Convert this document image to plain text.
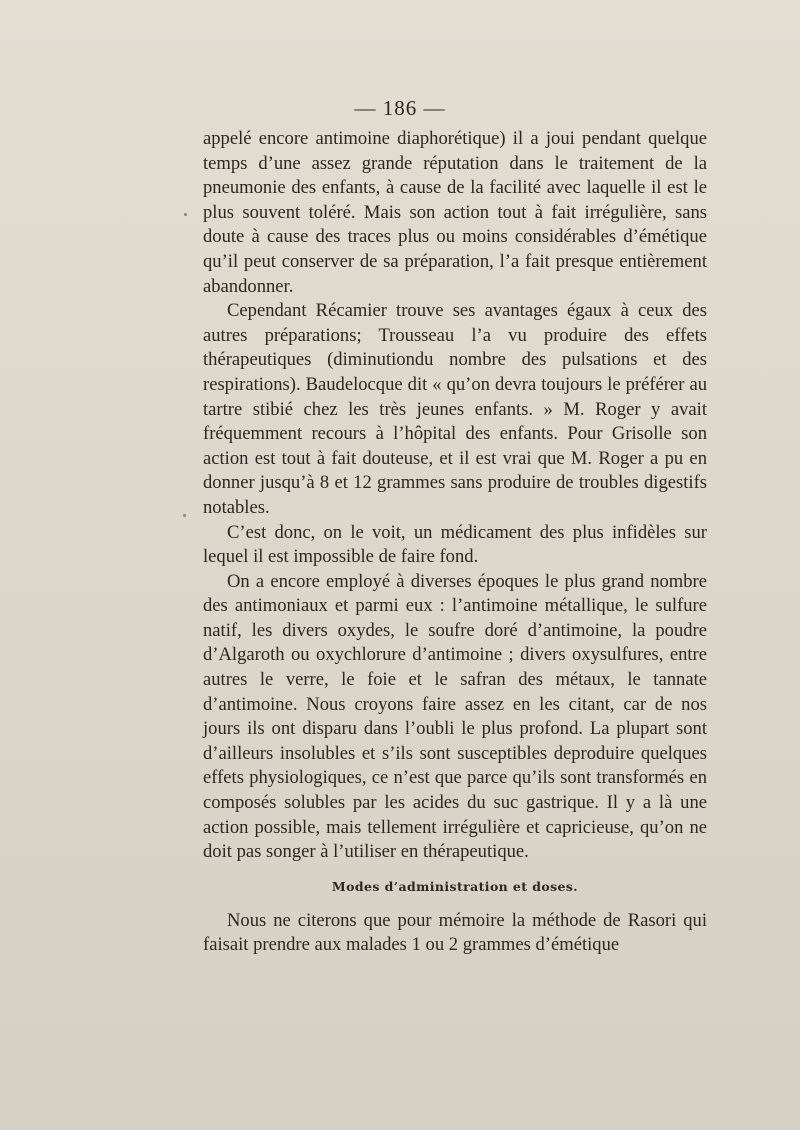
— 186 —

appelé encore antimoine diaphorétique) il a joui pendant quelque temps d’une assez grande réputation dans le traitement de la pneumonie des enfants, à cause de la facilité avec laquelle il est le plus souvent toléré. Mais son action tout à fait irrégulière, sans doute à cause des traces plus ou moins considérables d’émétique qu’il peut conserver de sa préparation, l’a fait presque entièrement abandonner.

Cependant Récamier trouve ses avantages égaux à ceux des autres préparations; Trousseau l’a vu produire des effets thérapeutiques (diminutiondu nombre des pulsations et des respirations). Baudelocque dit « qu’on devra toujours le préférer au tartre stibié chez les très jeunes enfants. » M. Roger y avait fréquemment recours à l’hôpital des enfants. Pour Grisolle son action est tout à fait douteuse, et il est vrai que M. Roger a pu en donner jusqu’à 8 et 12 grammes sans produire de troubles digestifs notables.

C’est donc, on le voit, un médicament des plus infidèles sur lequel il est impossible de faire fond.

On a encore employé à diverses époques le plus grand nombre des antimoniaux et parmi eux : l’antimoine métallique, le sulfure natif, les divers oxydes, le soufre doré d’antimoine, la poudre d’Algaroth ou oxychlorure d’antimoine ; divers oxysulfures, entre autres le verre, le foie et le safran des métaux, le tannate d’antimoine. Nous croyons faire assez en les citant, car de nos jours ils ont disparu dans l’oubli le plus profond. La plupart sont d’ailleurs insolubles et s’ils sont susceptibles deproduire quelques effets physiologiques, ce n’est que parce qu’ils sont transformés en composés solubles par les acides du suc gastrique. Il y a là une action possible, mais tellement irrégulière et capricieuse, qu’on ne doit pas songer à l’utiliser en thérapeutique.

Modes d’administration et doses.

Nous ne citerons que pour mémoire la méthode de Rasori qui faisait prendre aux malades 1 ou 2 grammes d’émétique
